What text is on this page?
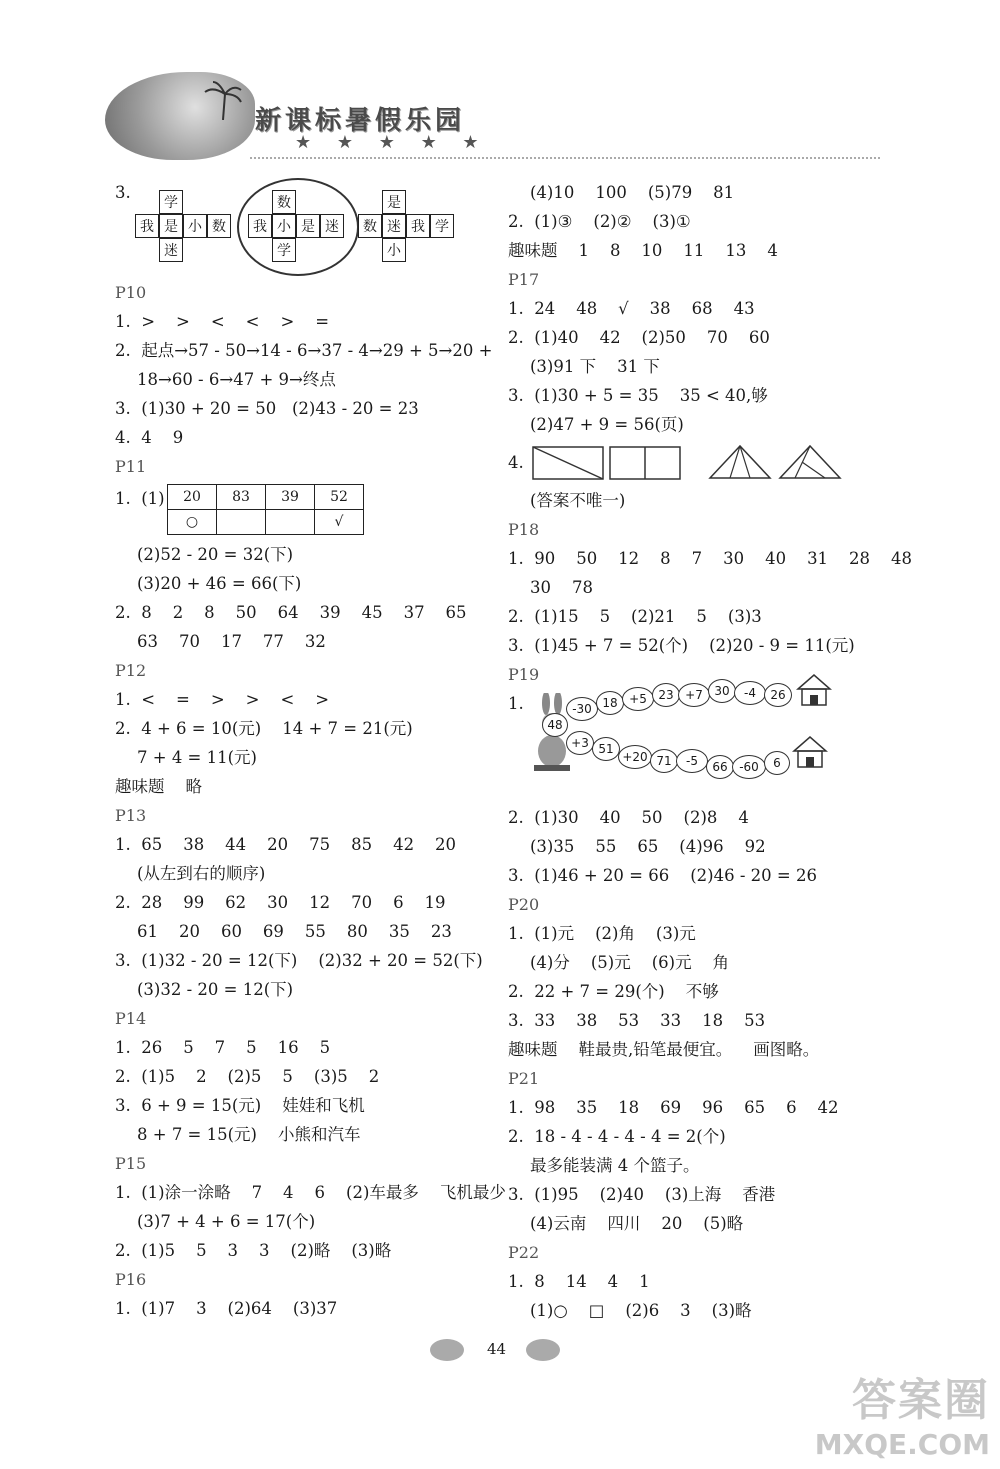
新课标暑假乐园
★ ★ ★ ★ ★
3.
学
我 是 小 数
迷
数
我 小 是 迷
学
是
数 迷 我 学
小
P10
1.  >    >    <    <    >    =
2.  起点→57 - 50→14 - 6→37 - 4→29 + 5→20 +
18→60 - 6→47 + 9→终点
3.  (1)30 + 20 = 50   (2)43 - 20 = 23
4.  4    9
P11
1.  (1) 20	83	39	52
○			√
(2)52 - 20 = 32(下)
(3)20 + 46 = 66(下)
2.  8    2    8    50    64    39    45    37    65
63    70    17    77    32
P12
1.  <    =    >    >    <    >
2.  4 + 6 = 10(元)    14 + 7 = 21(元)
7 + 4 = 11(元)
趣味题    略
P13
1.  65    38    44    20    75    85    42    20
(从左到右的顺序)
2.  28    99    62    30    12    70    6    19
61    20    60    69    55    80    35    23
3.  (1)32 - 20 = 12(下)    (2)32 + 20 = 52(下)
(3)32 - 20 = 12(下)
P14
1.  26    5    7    5    16    5
2.  (1)5    2    (2)5    5    (3)5    2
3.  6 + 9 = 15(元)    娃娃和飞机
8 + 7 = 15(元)    小熊和汽车
P15
1.  (1)涂一涂略    7    4    6    (2)车最多    飞机最少
(3)7 + 4 + 6 = 17(个)
2.  (1)5    5    3    3    (2)略    (3)略
P16
1.  (1)7    3    (2)64    (3)37
(4)10    100    (5)79    81
2.  (1)③    (2)②    (3)①
趣味题    1    8    10    11    13    4
P17
1.  24    48    √    38    68    43
2.  (1)40    42    (2)50    70    60
(3)91 下    31 下
3.  (1)30 + 5 = 35    35 < 40,够
(2)47 + 9 = 56(页)
4.
(答案不唯一)
P18
1.  90    50    12    8    7    30    40    31    28    48
30    78
2.  (1)15    5    (2)21    5    (3)3
3.  (1)45 + 7 = 52(个)    (2)20 - 9 = 11(元)
P19
1.
48
-30 18 +5 23 +7 30	-4	26
+3 51
+20 71	-5	66 -60	6
2.  (1)30    40    50    (2)8    4
(3)35    55    65    (4)96    92
3.  (1)46 + 20 = 66    (2)46 - 20 = 26
P20
1.  (1)元    (2)角    (3)元
(4)分    (5)元    (6)元    角
2.  22 + 7 = 29(个)    不够
3.  33    38    53    33    18    53
趣味题    鞋最贵,铅笔最便宜。    画图略。
P21
1.  98    35    18    69    96    65    6    42
2.  18 - 4 - 4 - 4 - 4 = 2(个)
最多能装满 4 个篮子。
3.  (1)95    (2)40    (3)上海    香港
(4)云南    四川    20    (5)略
P22
1.  8    14    4    1
(1)○    □    (2)6    3    (3)略
44
答案圈
MXQE.COM
